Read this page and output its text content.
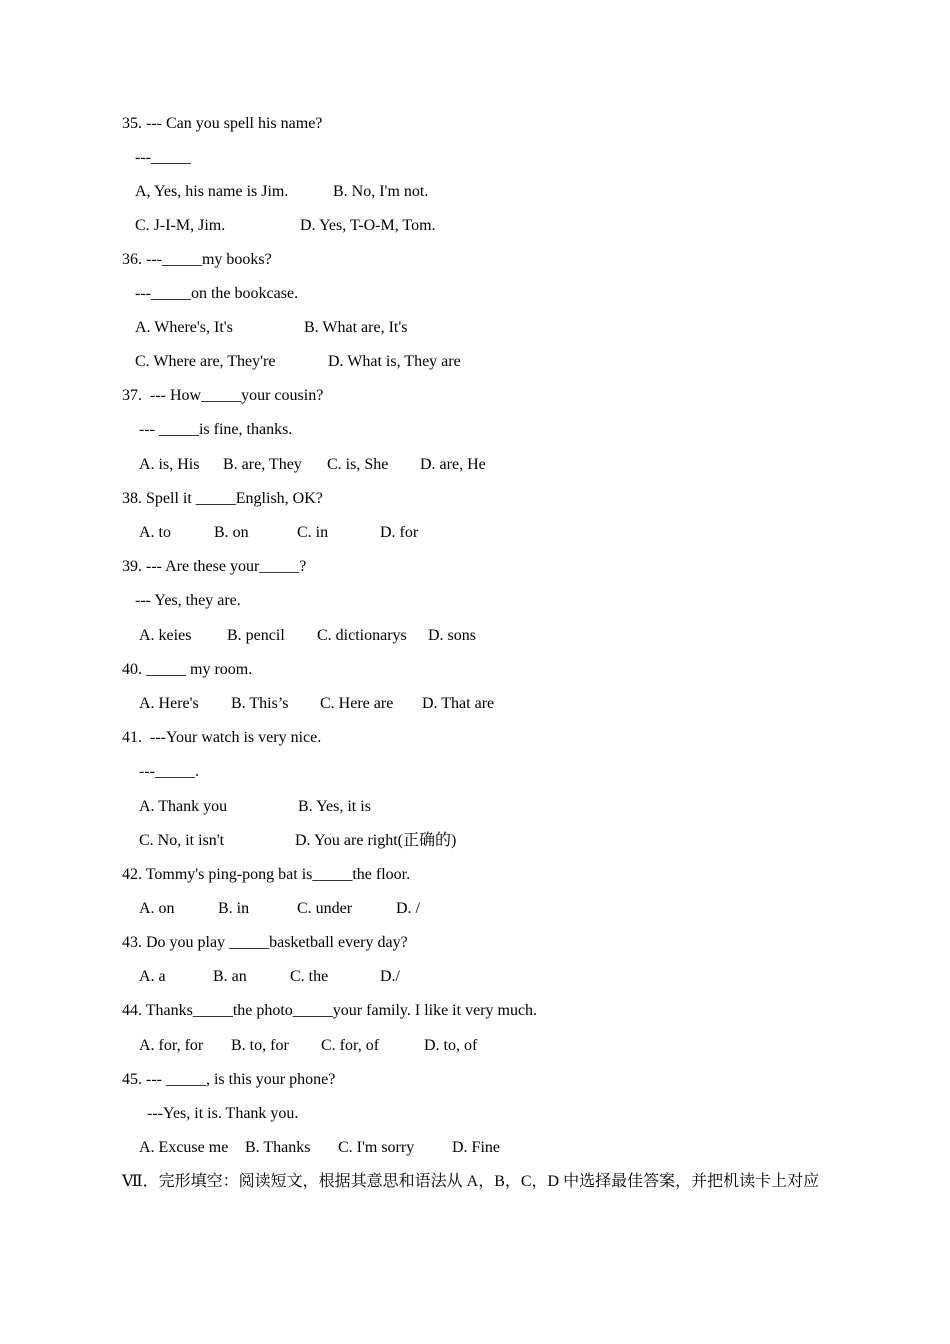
35. --- Can you spell his name?
---_____
A, Yes, his name is Jim.	B. No, I'm not.
C. J-I-M, Jim.	D. Yes, T-O-M, Tom.
36. ---_____my books?
---_____on the bookcase.
A. Where's, It's	B. What are, It's
C. Where are, They're	D. What is, They are
37.  --- How_____your cousin?
--- _____is fine, thanks.
A. is, His B. are, They C. is, She D. are, He
38. Spell it _____English, OK?
A. to	B. on	C. in	D. for
39. --- Are these your_____?
--- Yes, they are.
A. keies B. pencil C. dictionarys D. sons
40. _____ my room.
A. Here's B. This’s C. Here are D. That are
41.  ---Your watch is very nice.
---_____.
A. Thank you	B. Yes, it is
C. No, it isn't	D. You are right(正确的)
42. Tommy's ping-pong bat is_____the floor.
A. on	B. in	C. under	D. /
43. Do you play _____basketball every day?
A. a	B. an	C. the	D./
44. Thanks_____the photo_____your family. I like it very much.
A. for, for B. to, for C. for, of	D. to, of
45. --- _____, is this your phone?
---Yes, it is. Thank you.
A. Excuse me B. Thanks C. I'm sorry D. Fine
Ⅶ．完形填空：阅读短文，根据其意思和语法从 A，B，C，D 中选择最佳答案，并把机读卡上对应
